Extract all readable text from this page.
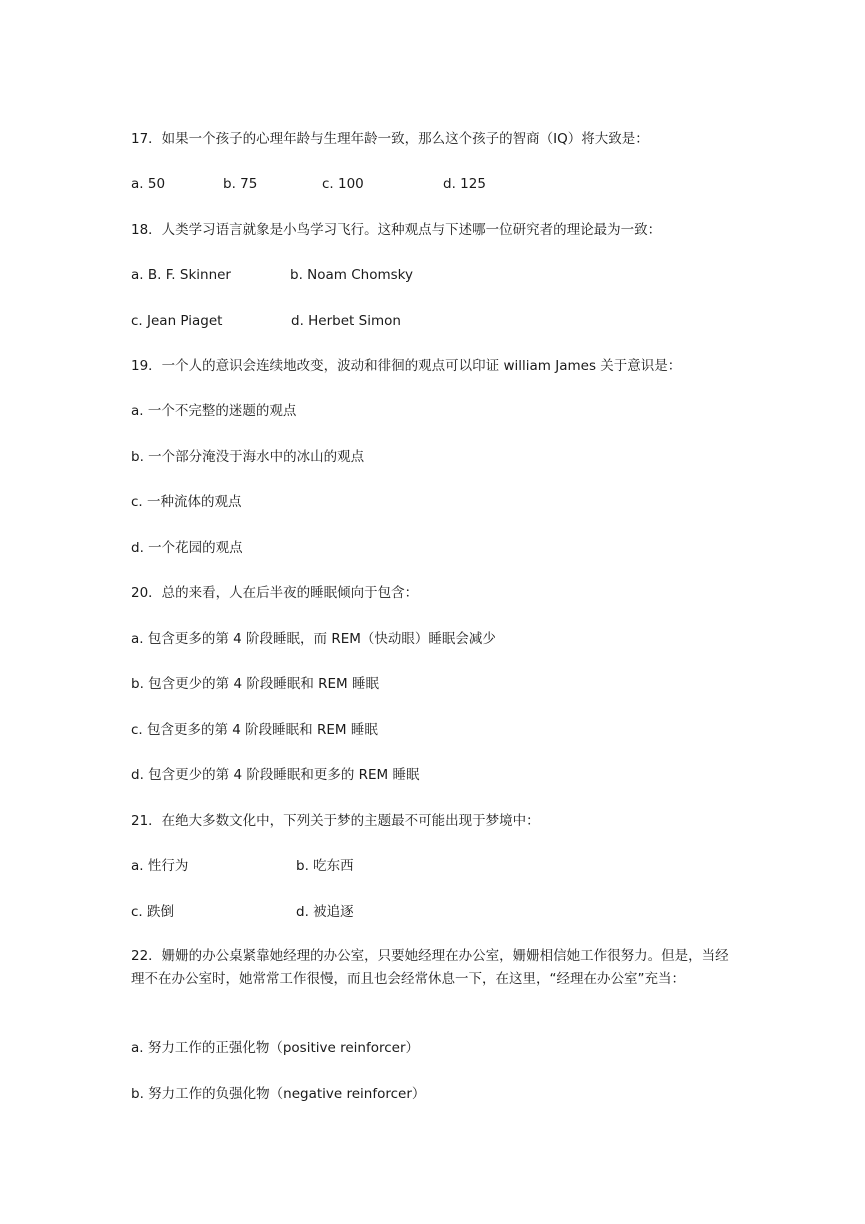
17．如果一个孩子的心理年龄与生理年龄一致，那么这个孩子的智商（IQ）将大致是：
a. 50	b. 75	c. 100	d. 125
18．人类学习语言就象是小鸟学习飞行。这种观点与下述哪一位研究者的理论最为一致：
a. B. F. Skinner	b. Noam Chomsky
c. Jean Piaget	d. Herbet Simon
19．一个人的意识会连续地改变，波动和徘徊的观点可以印证 william James 关于意识是：
a. 一个不完整的迷题的观点
b. 一个部分淹没于海水中的冰山的观点
c. 一种流体的观点
d. 一个花园的观点
20．总的来看，人在后半夜的睡眠倾向于包含：
a. 包含更多的第 4 阶段睡眠，而 REM（快动眼）睡眠会减少
b. 包含更少的第 4 阶段睡眠和 REM 睡眠
c. 包含更多的第 4 阶段睡眠和 REM 睡眠
d. 包含更少的第 4 阶段睡眠和更多的 REM 睡眠
21．在绝大多数文化中，下列关于梦的主题最不可能出现于梦境中：
a. 性行为	b. 吃东西
c. 跌倒	d. 被追逐
22．姗姗的办公桌紧靠她经理的办公室，只要她经理在办公室，姗姗相信她工作很努力。但是，当经理不在办公室时，她常常工作很慢，而且也会经常休息一下，在这里，“经理在办公室”充当：
a. 努力工作的正强化物（positive reinforcer）
b. 努力工作的负强化物（negative reinforcer）
